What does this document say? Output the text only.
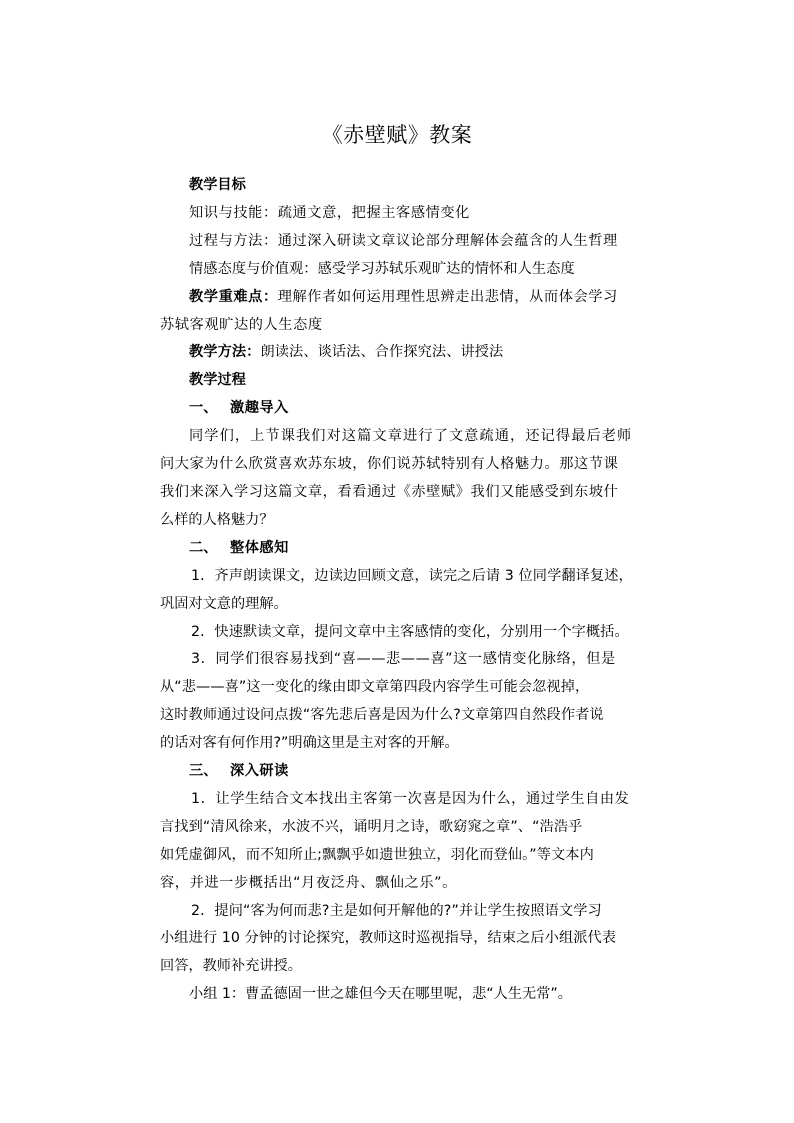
《赤壁赋》教案

教学目标

知识与技能：疏通文意，把握主客感情变化

过程与方法：通过深入研读文章议论部分理解体会蕴含的人生哲理

情感态度与价值观：感受学习苏轼乐观旷达的情怀和人生态度

教学重难点：理解作者如何运用理性思辨走出悲情，从而体会学习

苏轼客观旷达的人生态度

教学方法：朗读法、谈话法、合作探究法、讲授法

教学过程

一、 激趣导入

同学们，上节课我们对这篇文章进行了文意疏通，还记得最后老师

问大家为什么欣赏喜欢苏东坡，你们说苏轼特别有人格魅力。那这节课

我们来深入学习这篇文章，看看通过《赤壁赋》我们又能感受到东坡什

么样的人格魅力？

二、 整体感知

1．齐声朗读课文，边读边回顾文意，读完之后请 3 位同学翻译复述，

巩固对文意的理解。

2．快速默读文章，提问文章中主客感情的变化，分别用一个字概括。

3．同学们很容易找到“喜——悲——喜”这一感情变化脉络，但是

从“悲——喜”这一变化的缘由即文章第四段内容学生可能会忽视掉，

这时教师通过设问点拨“客先悲后喜是因为什么?文章第四自然段作者说

的话对客有何作用?”明确这里是主对客的开解。

三、 深入研读

1．让学生结合文本找出主客第一次喜是因为什么，通过学生自由发

言找到“清风徐来，水波不兴，诵明月之诗，歌窈窕之章”、“浩浩乎

如凭虚御风，而不知所止;飘飘乎如遗世独立，羽化而登仙。”等文本内

容，并进一步概括出“月夜泛舟、飘仙之乐”。

2．提问“客为何而悲?主是如何开解他的?”并让学生按照语文学习

小组进行 10 分钟的讨论探究，教师这时巡视指导，结束之后小组派代表

回答，教师补充讲授。

小组 1：曹孟德固一世之雄但今天在哪里呢，悲“人生无常”。
